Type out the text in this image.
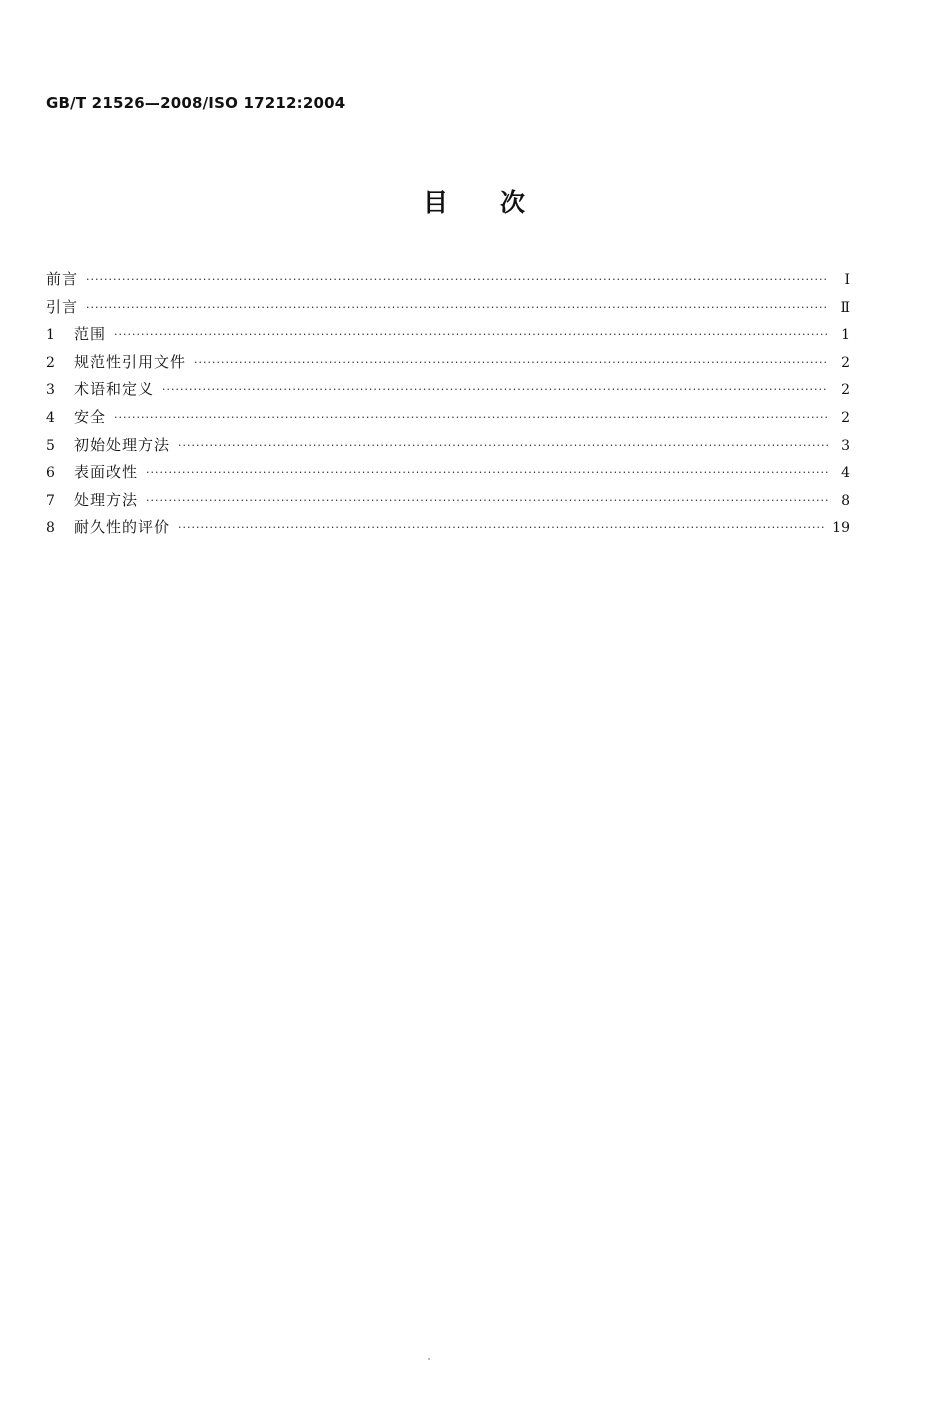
GB/T 21526—2008/ISO 17212:2004
目 次
前言 ·····	Ⅰ
引言 ·····	Ⅱ
1	范围 ·····	1
2	规范性引用文件 ·····	2
3	术语和定义 ·····	2
4	安全 ·····	2
5	初始处理方法 ·····	3
6	表面改性 ·····	4
7	处理方法 ·····	8
8	耐久性的评价 ·····	19
